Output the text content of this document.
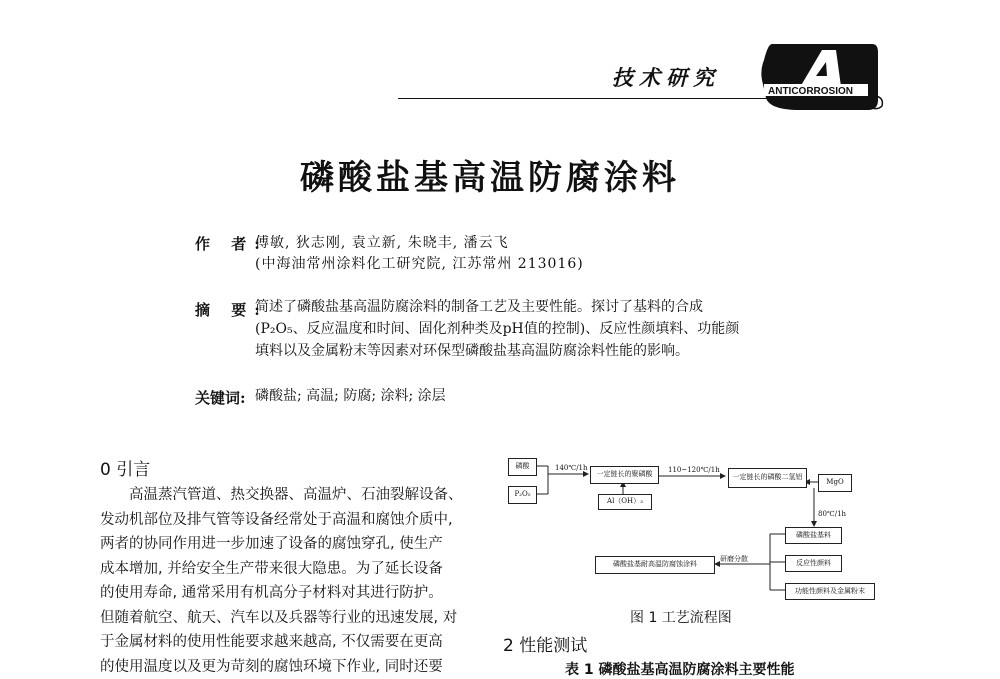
技术研究
ANTICORROSION
磷酸盐基高温防腐涂料
作 者:
傅敏, 狄志刚, 袁立新, 朱晓丰, 潘云飞
(中海油常州涂料化工研究院, 江苏常州 213016)
摘 要:
简述了磷酸盐基高温防腐涂料的制备工艺及主要性能。探讨了基料的合成
(P₂O₅、反应温度和时间、固化剂种类及pH值的控制)、反应性颜填料、功能颜
填料以及金属粉末等因素对环保型磷酸盐基高温防腐涂料性能的影响。
关键词: 磷酸盐; 高温; 防腐; 涂料; 涂层
0 引言
　　高温蒸汽管道、热交换器、高温炉、石油裂解设备、
发动机部位及排气管等设备经常处于高温和腐蚀介质中,
两者的协同作用进一步加速了设备的腐蚀穿孔, 使生产
成本增加, 并给安全生产带来很大隐患。为了延长设备
的使用寿命, 通常采用有机高分子材料对其进行防护。
但随着航空、航天、汽车以及兵器等行业的迅速发展, 对
于金属材料的使用性能要求越来越高, 不仅需要在更高
的使用温度以及更为苛刻的腐蚀环境下作业, 同时还要
磷酸
P₂O₅
140℃/1h
一定链长的聚磷酸
Al（OH）₃
110~120℃/1h
一定链长的磷酸二氢铝
MgO
80℃/1h
磷酸盐基料
反应性颜料
功能性颜料及金属粉末
研磨分散
磷酸盐基耐高温防腐蚀涂料
图 1 工艺流程图
2 性能测试
表 1 磷酸盐基高温防腐涂料主要性能
